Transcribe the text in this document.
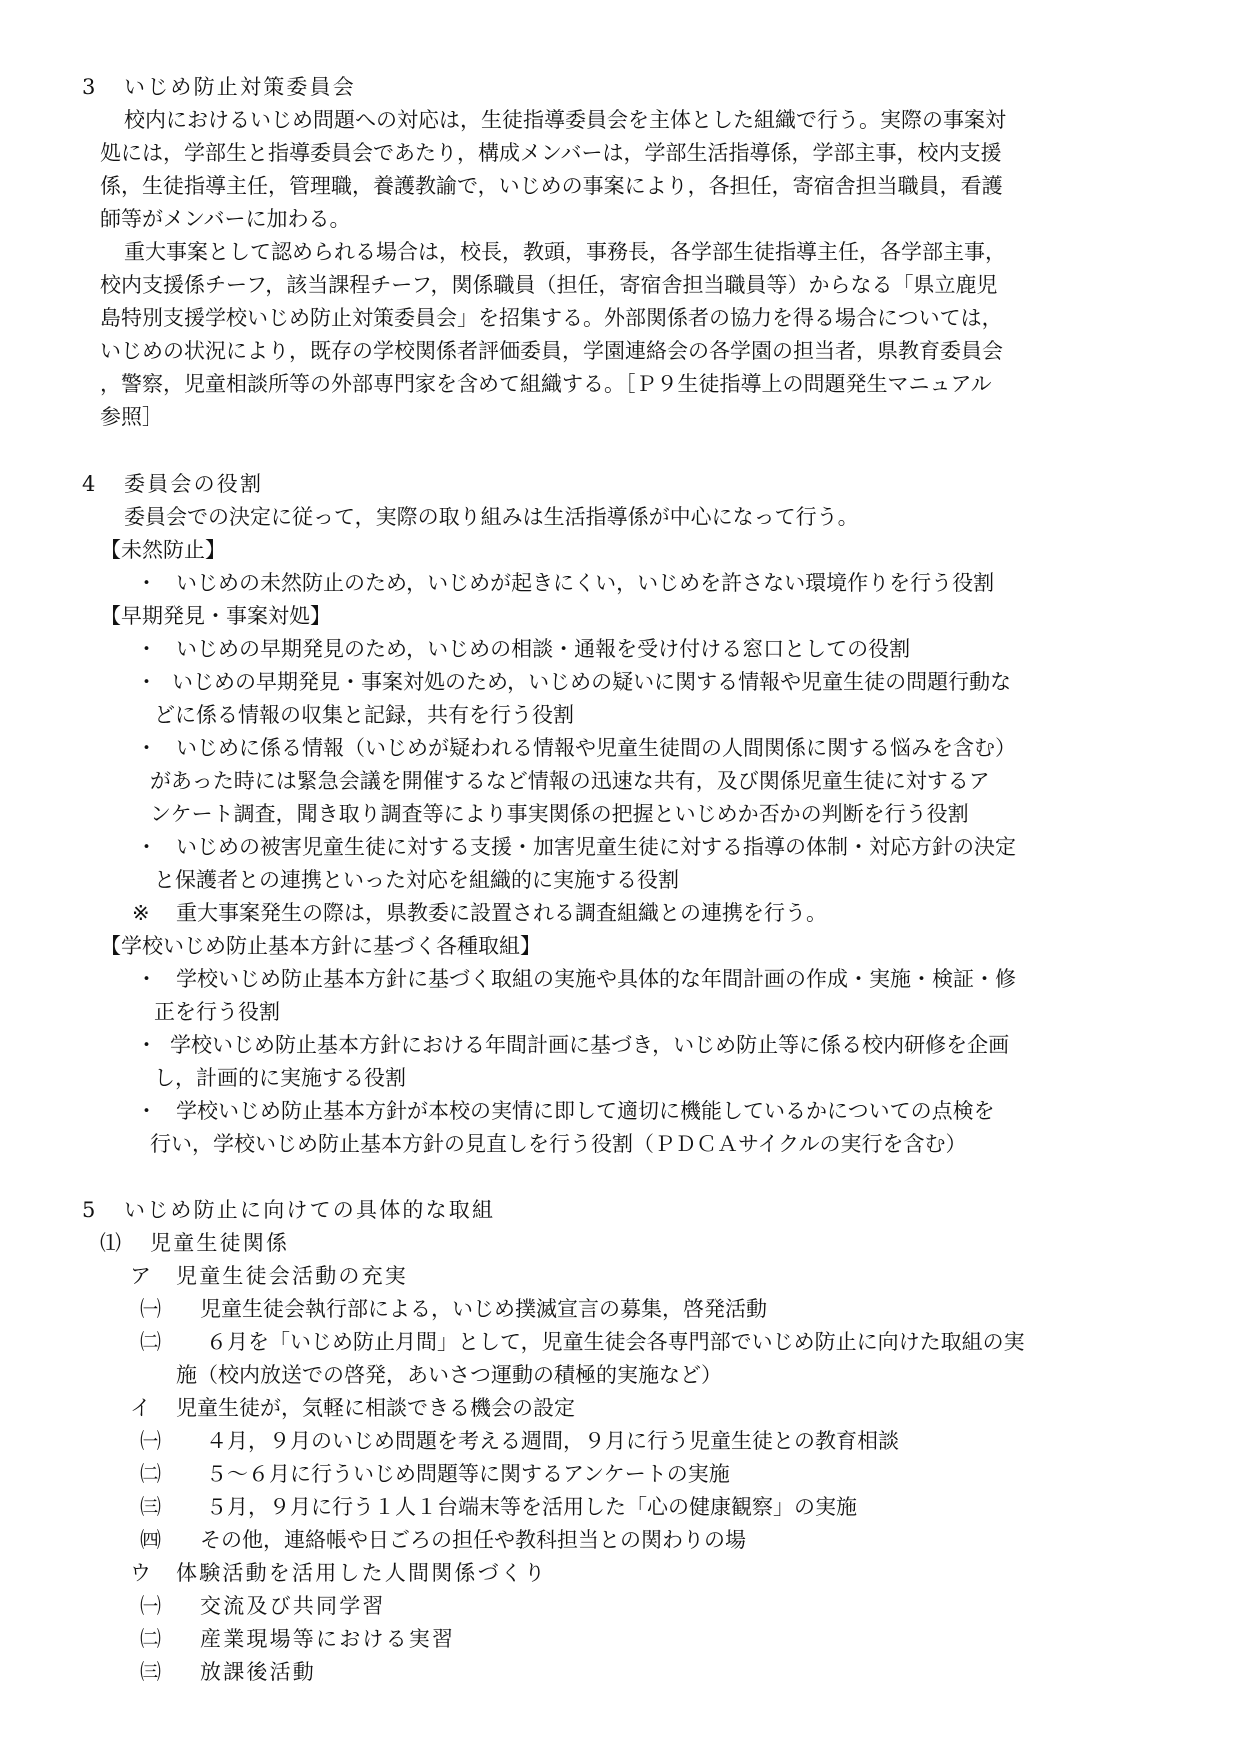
3 いじめ防止対策委員会
校内におけるいじめ問題への対応は，生徒指導委員会を主体とした組織で行う。実際の事案対
処には，学部生と指導委員会であたり，構成メンバーは，学部生活指導係，学部主事，校内支援
係，生徒指導主任，管理職，養護教諭で，いじめの事案により，各担任，寄宿舎担当職員，看護
師等がメンバーに加わる。
重大事案として認められる場合は，校長，教頭，事務長，各学部生徒指導主任，各学部主事，
校内支援係チーフ，該当課程チーフ，関係職員（担任，寄宿舎担当職員等）からなる「県立鹿児
島特別支援学校いじめ防止対策委員会」を招集する。外部関係者の協力を得る場合については，
いじめの状況により，既存の学校関係者評価委員，学園連絡会の各学園の担当者，県教育委員会
，警察，児童相談所等の外部専門家を含めて組織する。［Ｐ９生徒指導上の問題発生マニュアル
参照］
4 委員会の役割
委員会での決定に従って，実際の取り組みは生活指導係が中心になって行う。
【未然防止】
・ いじめの未然防止のため，いじめが起きにくい，いじめを許さない環境作りを行う役割
【早期発見・事案対処】
・ いじめの早期発見のため，いじめの相談・通報を受け付ける窓口としての役割
・ いじめの早期発見・事案対処のため，いじめの疑いに関する情報や児童生徒の問題行動な
どに係る情報の収集と記録，共有を行う役割
・ いじめに係る情報（いじめが疑われる情報や児童生徒間の人間関係に関する悩みを含む）
があった時には緊急会議を開催するなど情報の迅速な共有，及び関係児童生徒に対するア
ンケート調査，聞き取り調査等により事実関係の把握といじめか否かの判断を行う役割
・ いじめの被害児童生徒に対する支援・加害児童生徒に対する指導の体制・対応方針の決定
と保護者との連携といった対応を組織的に実施する役割
※ 重大事案発生の際は，県教委に設置される調査組織との連携を行う。
【学校いじめ防止基本方針に基づく各種取組】
・ 学校いじめ防止基本方針に基づく取組の実施や具体的な年間計画の作成・実施・検証・修
正を行う役割
・ 学校いじめ防止基本方針における年間計画に基づき，いじめ防止等に係る校内研修を企画
し，計画的に実施する役割
・ 学校いじめ防止基本方針が本校の実情に即して適切に機能しているかについての点検を
行い，学校いじめ防止基本方針の見直しを行う役割（ＰＤＣＡサイクルの実行を含む）
5 いじめ防止に向けての具体的な取組
⑴ 児童生徒関係
ア 児童生徒会活動の充実
㈠ 児童生徒会執行部による，いじめ撲滅宣言の募集，啓発活動
㈡ ６月を「いじめ防止月間」として，児童生徒会各専門部でいじめ防止に向けた取組の実
施（校内放送での啓発，あいさつ運動の積極的実施など）
イ 児童生徒が，気軽に相談できる機会の設定
㈠ ４月，９月のいじめ問題を考える週間，９月に行う児童生徒との教育相談
㈡ ５～６月に行ういじめ問題等に関するアンケートの実施
㈢ ５月，９月に行う１人１台端末等を活用した「心の健康観察」の実施
㈣ その他，連絡帳や日ごろの担任や教科担当との関わりの場
ウ 体験活動を活用した人間関係づくり
㈠ 交流及び共同学習
㈡ 産業現場等における実習
㈢ 放課後活動
